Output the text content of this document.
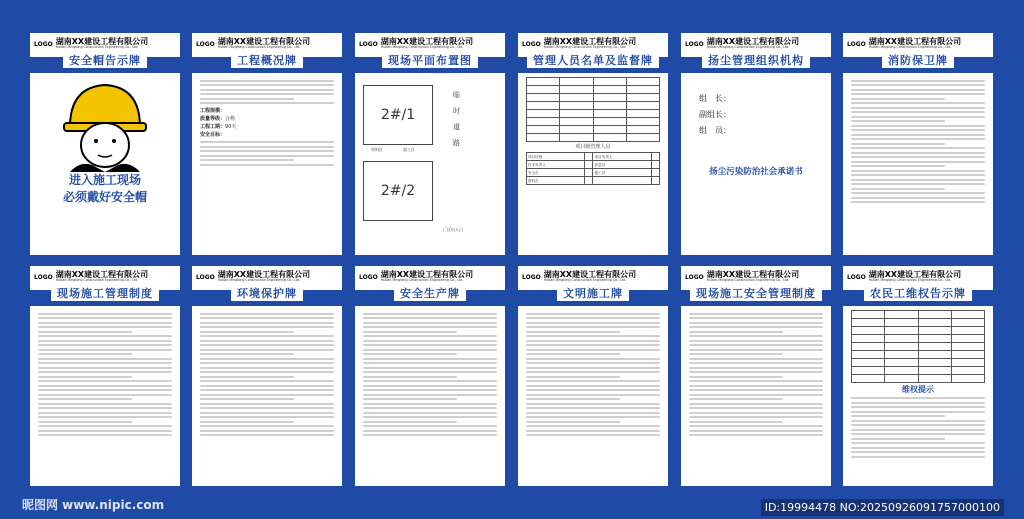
LOGO 湖南XX建设工程有限公司
HuNan Mingtong Construction Engineering Co., Ltd.
安全帽告示牌
进入施工现场
必须戴好安全帽
LOGO 湖南XX建设工程有限公司
HuNan Mingtong Construction Engineering Co., Ltd.
工程概况牌
工程规模：
质量等级：合格
工程工期：90天
安全目标：
LOGO 湖南XX建设工程有限公司
HuNan Mingtong Construction Engineering Co., Ltd.
现场平面布置图
2#/1
2#/2
临时道路
材料区	加工区
厂区出入口
LOGO 湖南XX建设工程有限公司
HuNan Mingtong Construction Engineering Co., Ltd.
管理人员名单及监督牌

项目级管理人员
项目经理		项目负责人	
技术负责人		质量员	
安全员		施工员	
资料员			
LOGO 湖南XX建设工程有限公司
HuNan Mingtong Construction Engineering Co., Ltd.
扬尘管理组织机构
组　长：
副组长：
组　员：
扬尘污染防治社会承诺书
LOGO 湖南XX建设工程有限公司
HuNan Mingtong Construction Engineering Co., Ltd.
消防保卫牌
LOGO 湖南XX建设工程有限公司
HuNan Mingtong Construction Engineering Co., Ltd.
现场施工管理制度
LOGO 湖南XX建设工程有限公司
HuNan Mingtong Construction Engineering Co., Ltd.
环境保护牌
LOGO 湖南XX建设工程有限公司
HuNan Mingtong Construction Engineering Co., Ltd.
安全生产牌
LOGO 湖南XX建设工程有限公司
HuNan Mingtong Construction Engineering Co., Ltd.
文明施工牌
LOGO 湖南XX建设工程有限公司
HuNan Mingtong Construction Engineering Co., Ltd.
现场施工安全管理制度
LOGO 湖南XX建设工程有限公司
HuNan Mingtong Construction Engineering Co., Ltd.
农民工维权告示牌

维权提示
昵图网 www.nipic.com	ID:19994478 NO:20250926091757000100
